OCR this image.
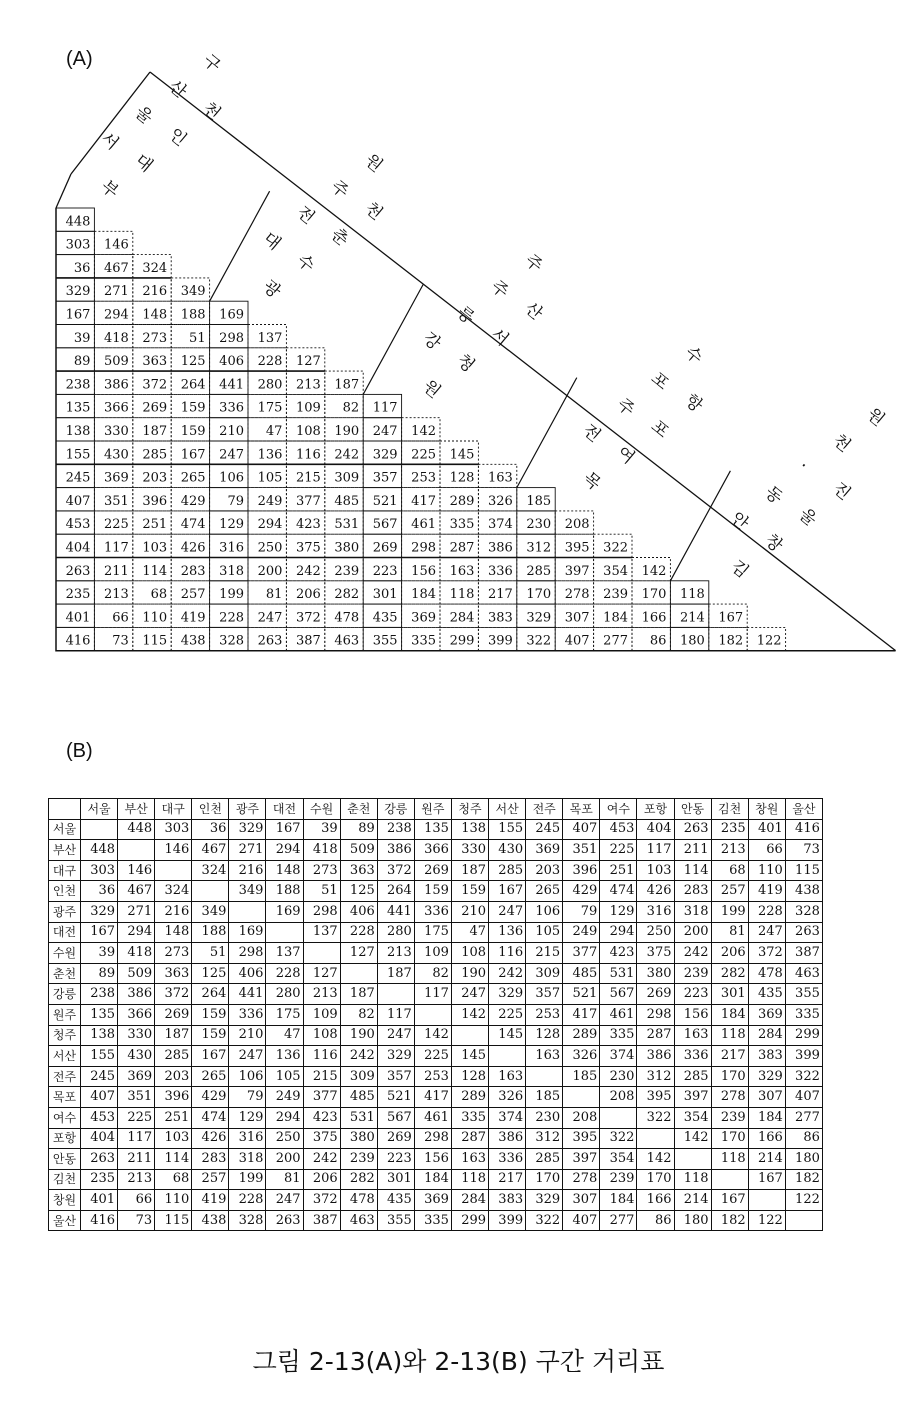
(A)
448
303 146
36 467 324
329 271 216 349
167 294 148 188 169
39 418 273 51 298 137
89 509 363 125 406 228 127
238 386 372 264 441 280 213 187
135 366 269 159 336 175 109 82 117
138 330 187 159 210 47 108 190 247 142
155 430 285 167 247 136 116 242 329 225 145
245 369 203 265 106 105 215 309 357 253 128 163
407 351 396 429 79 249 377 485 521 417 289 326 185
453 225 251 474 129 294 423 531 567 461 335 374 230 208
404 117 103 426 316 250 375 380 269 298 287 386 312 395 322
263 211 114 283 318 200 242 239 223 156 163 336 285 397 354 142
235 213 68 257 199 81 206 282 301 184 118 217 170 278 239 170 118
401 66 110 419 228 247 372 478 435 369 284 383 329 307 184 166 214 167
416 73 115 438 328 263 387 463 355 335 299 399 322 407 277 86 180 182 122
서
울
산
구
부
대
인
천
대
전
주
원
광
수
춘
천
강
릉
주
주
원
청
서
산
전
주
포
수
목
여
포
항
안
동
·
천
원
김
창
울
진
(B)
	서울	부산	대구	인천	광주	대전	수원	춘천	강릉	원주	청주	서산	전주	목포	여수	포항	안동	김천	창원	울산
서울		448	303	36	329	167	39	89	238	135	138	155	245	407	453	404	263	235	401	416
부산	448		146	467	271	294	418	509	386	366	330	430	369	351	225	117	211	213	66	73
대구	303	146		324	216	148	273	363	372	269	187	285	203	396	251	103	114	68	110	115
인천	36	467	324		349	188	51	125	264	159	159	167	265	429	474	426	283	257	419	438
광주	329	271	216	349		169	298	406	441	336	210	247	106	79	129	316	318	199	228	328
대전	167	294	148	188	169		137	228	280	175	47	136	105	249	294	250	200	81	247	263
수원	39	418	273	51	298	137		127	213	109	108	116	215	377	423	375	242	206	372	387
춘천	89	509	363	125	406	228	127		187	82	190	242	309	485	531	380	239	282	478	463
강릉	238	386	372	264	441	280	213	187		117	247	329	357	521	567	269	223	301	435	355
원주	135	366	269	159	336	175	109	82	117		142	225	253	417	461	298	156	184	369	335
청주	138	330	187	159	210	47	108	190	247	142		145	128	289	335	287	163	118	284	299
서산	155	430	285	167	247	136	116	242	329	225	145		163	326	374	386	336	217	383	399
전주	245	369	203	265	106	105	215	309	357	253	128	163		185	230	312	285	170	329	322
목포	407	351	396	429	79	249	377	485	521	417	289	326	185		208	395	397	278	307	407
여수	453	225	251	474	129	294	423	531	567	461	335	374	230	208		322	354	239	184	277
포항	404	117	103	426	316	250	375	380	269	298	287	386	312	395	322		142	170	166	86
안동	263	211	114	283	318	200	242	239	223	156	163	336	285	397	354	142		118	214	180
김천	235	213	68	257	199	81	206	282	301	184	118	217	170	278	239	170	118		167	182
창원	401	66	110	419	228	247	372	478	435	369	284	383	329	307	184	166	214	167		122
울산	416	73	115	438	328	263	387	463	355	335	299	399	322	407	277	86	180	182	122	
그림 2-13(A)와 2-13(B) 구간 거리표
